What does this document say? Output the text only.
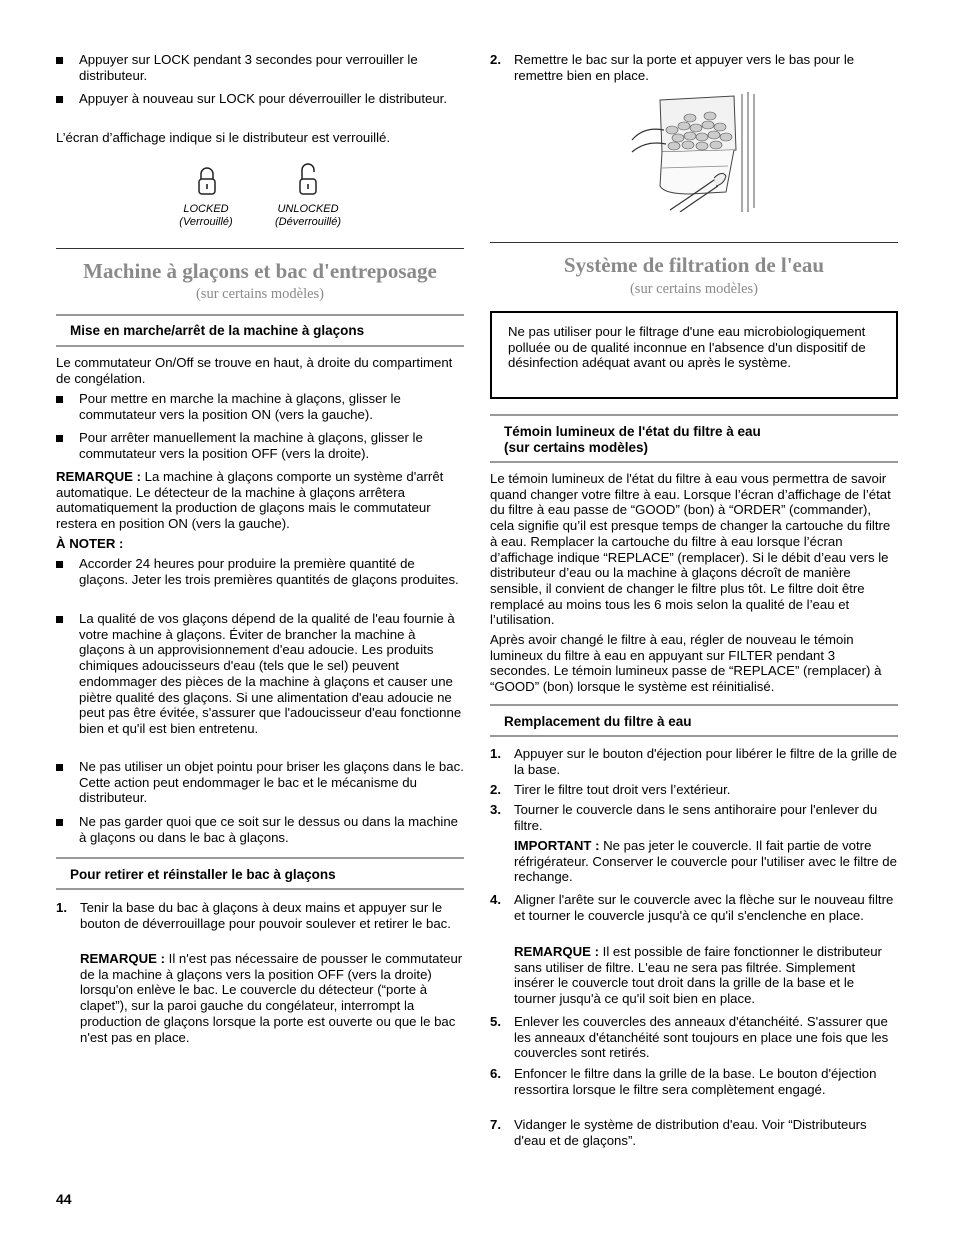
Appuyer sur LOCK pendant 3 secondes pour verrouiller le distributeur.
Appuyer à nouveau sur LOCK pour déverrouiller le distributeur.

L’écran d’affichage indique si le distributeur est verrouillé.

LOCKED
(Verrouillé)
UNLOCKED
(Déverrouillé)
Machine à glaçons et bac d'entreposage
(sur certains modèles)
Mise en marche/arrêt de la machine à glaçons

Le commutateur On/Off se trouve en haut, à droite du compartiment de congélation.

Pour mettre en marche la machine à glaçons, glisser le commutateur vers la position ON (vers la gauche).
Pour arrêter manuellement la machine à glaçons, glisser le commutateur vers la position OFF (vers la droite).

REMARQUE : La machine à glaçons comporte un système d'arrêt automatique. Le détecteur de la machine à glaçons arrêtera automatiquement la production de glaçons mais le commutateur restera en position ON (vers la gauche).

À NOTER :

Accorder 24 heures pour produire la première quantité de glaçons. Jeter les trois premières quantités de glaçons produites.
La qualité de vos glaçons dépend de la qualité de l'eau fournie à votre machine à glaçons. Éviter de brancher la machine à glaçons à un approvisionnement d'eau adoucie. Les produits chimiques adoucisseurs d'eau (tels que le sel) peuvent endommager des pièces de la machine à glaçons et causer une piètre qualité des glaçons. Si une alimentation d'eau adoucie ne peut pas être évitée, s'assurer que l'adoucisseur d'eau fonctionne bien et qu'il est bien entretenu.
Ne pas utiliser un objet pointu pour briser les glaçons dans le bac. Cette action peut endommager le bac et le mécanisme du distributeur.
Ne pas garder quoi que ce soit sur le dessus ou dans la machine à glaçons ou dans le bac à glaçons.
Pour retirer et réinstaller le bac à glaçons
1. Tenir la base du bac à glaçons à deux mains et appuyer sur le bouton de déverrouillage pour pouvoir soulever et retirer le bac.

REMARQUE : Il n'est pas nécessaire de pousser le commutateur de la machine à glaçons vers la position OFF (vers la droite) lorsqu'on enlève le bac. Le couvercle du détecteur (“porte à clapet”), sur la paroi gauche du congélateur, interrompt la production de glaçons lorsque la porte est ouverte ou que le bac n'est pas en place.

2. Remettre le bac sur la porte et appuyer vers le bas pour le remettre bien en place.
Système de filtration de l'eau
(sur certains modèles)

Ne pas utiliser pour le filtrage d'une eau microbiologiquement polluée ou de qualité inconnue en l'absence d'un dispositif de désinfection adéquat avant ou après le système.

Témoin lumineux de l'état du filtre à eau
(sur certains modèles)

Le témoin lumineux de l'état du filtre à eau vous permettra de savoir quand changer votre filtre à eau. Lorsque l’écran d’affichage de l’état du filtre à eau passe de “GOOD” (bon) à “ORDER” (commander), cela signifie qu’il est presque temps de changer la cartouche du filtre à eau. Remplacer la cartouche du filtre à eau lorsque l’écran d’affichage indique “REPLACE” (remplacer). Si le débit d’eau vers le distributeur d’eau ou la machine à glaçons décroît de manière sensible, il convient de changer le filtre plus tôt. Le filtre doit être remplacé au moins tous les 6 mois selon la qualité de l’eau et l’utilisation.

Après avoir changé le filtre à eau, régler de nouveau le témoin lumineux du filtre à eau en appuyant sur FILTER pendant 3 secondes. Le témoin lumineux passe de “REPLACE” (remplacer) à “GOOD” (bon) lorsque le système est réinitialisé.

Remplacement du filtre à eau
1. Appuyer sur le bouton d'éjection pour libérer le filtre de la grille de la base.
2. Tirer le filtre tout droit vers l’extérieur.
3. Tourner le couvercle dans le sens antihoraire pour l'enlever du filtre.

IMPORTANT : Ne pas jeter le couvercle. Il fait partie de votre réfrigérateur. Conserver le couvercle pour l'utiliser avec le filtre de rechange.

4. Aligner l'arête sur le couvercle avec la flèche sur le nouveau filtre et tourner le couvercle jusqu'à ce qu'il s'enclenche en place.

REMARQUE : Il est possible de faire fonctionner le distributeur sans utiliser de filtre. L'eau ne sera pas filtrée. Simplement insérer le couvercle tout droit dans la grille de la base et le tourner jusqu'à ce qu'il soit bien en place.

5. Enlever les couvercles des anneaux d'étanchéité. S'assurer que les anneaux d'étanchéité sont toujours en place une fois que les couvercles sont retirés.
6. Enfoncer le filtre dans la grille de la base. Le bouton d'éjection ressortira lorsque le filtre sera complètement engagé.
7. Vidanger le système de distribution d'eau. Voir “Distributeurs d'eau et de glaçons”.
44
